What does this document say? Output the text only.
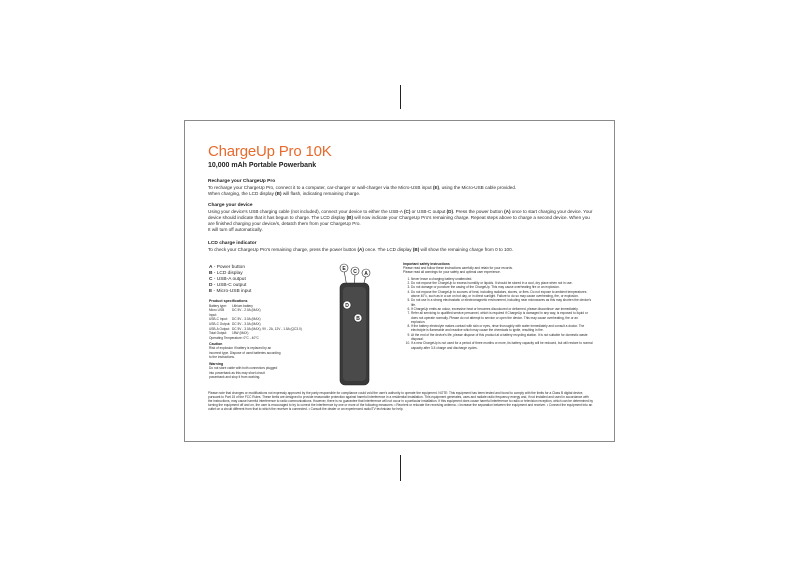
ChargeUp Pro 10K
10,000 mAh Portable Powerbank
Recharge your ChargeUp Pro

To recharge your ChargeUp Pro, connect it to a computer, car-charger or wall-charger via the Micro-USB input (E), using the Micro-USB cable provided.
When charging, the LCD display (B) will flash, indicating remaining charge.

Charge your device

Using your device's USB charging cable (not included), connect your device to either the USB-A (C) or USB-C output (D). Press the power button (A) once to start charging your device. Your device should indicate that it has begun to charge. The LCD display (B) will now indicate your ChargeUp Pro's remaining charge. Repeat steps above to charge a second device. When you are finished charging your device/s, detatch them from your ChargeUp Pro.
It will turn off automatically.

LCD charge indicator

To check your ChargeUp Pro's remaining charge, press the power button (A) once. The LCD display (B) will show the remaining charge from 0 to 100.

A - Power button
B - LCD display
C - USB-A output
D - USB-C output
E - Micro-USB input
Product specifications
Battery type:	Lithium battery
Micro USB Input:
DC 5V - 2.0A (MAX)
USB-C Input:	DC 5V - 3.0A (MAX)
USB-C Output: DC 5V - 3.0A (MAX)
USB-A Output: DC 5V - 3.0A (MAX), 9V - 2A, 12V - 1.5A (QC3.0)
Total Output:	18W (MAX)
Operating Temperature: 0°C - 40°C
Caution
Risk of explosion if battery is replaced by an incorrect type. Dispose of used batteries according to the instructions.
Warning
Do not store cable with both connectors plugged into powerbank as this may short circuit powerbank and stop it from working.
E C A
D
B
Important safety instructions
Please read and follow these instructions carefully and retain for your records.
Please read all warnings for your safety and optimal user experience.
1. Never leave a charging battery unattended.
2. Do not expose the ChargeUp to excess humidity or liquids. It should be stored in a cool, dry place when not in use.
3. Do not damage or puncture the casing of the ChargeUp. This may cause overheating fire or an explosion.
4. Do not expose the ChargeUp to sources of heat, including radiators, stoves, or fires. Do not expose to ambient temperatures above 40°c, such as in a car on hot day, or in direct sunlight. Failure to do so may cause overheating, fire, or explosion.
5. Do not use in a strong electrostatic or electromagnetic environment, including near microwaves as this may shorten the device's life.
6. If ChargeUp emits an odour, excessive heat or becomes discoloured or deformed, please discontinue use immediately.
7. Refer all servicing to qualified service personnel, which is required if ChargeUp is damaged in any way, is exposed to liquid or does not operate normally. Please do not attempt to service or open the device. This may cause overheating, fire or an explosion.
8. If the battery electrolyte makes contact with skin or eyes, rinse thoroughly with water immediately and consult a doctor. The electrolyte is flammable and reactive which may cause the chemicals to ignite, resulting in fire.
9. At the end of the device's life, please dispose of this product at a battery recycling station. It is not suitable for domestic waste disposal.
10. If a new ChargeUp is not used for a period of three months or more, its battery capacity will be reduced, but will restore to normal capacity after 3-5 charge and discharge cycles.
Please note that changes or modifications not expressly approved by the party responsible for compliance could void the user's authority to operate the equipment. NOTE: This equipment has been tested and found to comply with the limits for a Class B digital device, pursuant to Part 15 of the FCC Rules. These limits are designed to provide reasonable protection against harmful interference in a residential installation. This equipment generates, uses and radiate radio frequency energy and, if not installed and used in accordance with the instructions, may cause harmful interference to radio communications. However, there is no guarantee that interference will not occur in a particular installation. If this equipment does cause harmful interference to radio or television reception, which can be determined by turning the equipment off and on, the user is encouraged to try to correct the interference by one or more of the following measures: • Reorient or relocate the receiving antenna. • Increase the separation between the equipment and receiver. • Connect the equipment into an outlet on a circuit different from that to which the receiver is connected. • Consult the dealer or an experienced radio/TV technician for help.
